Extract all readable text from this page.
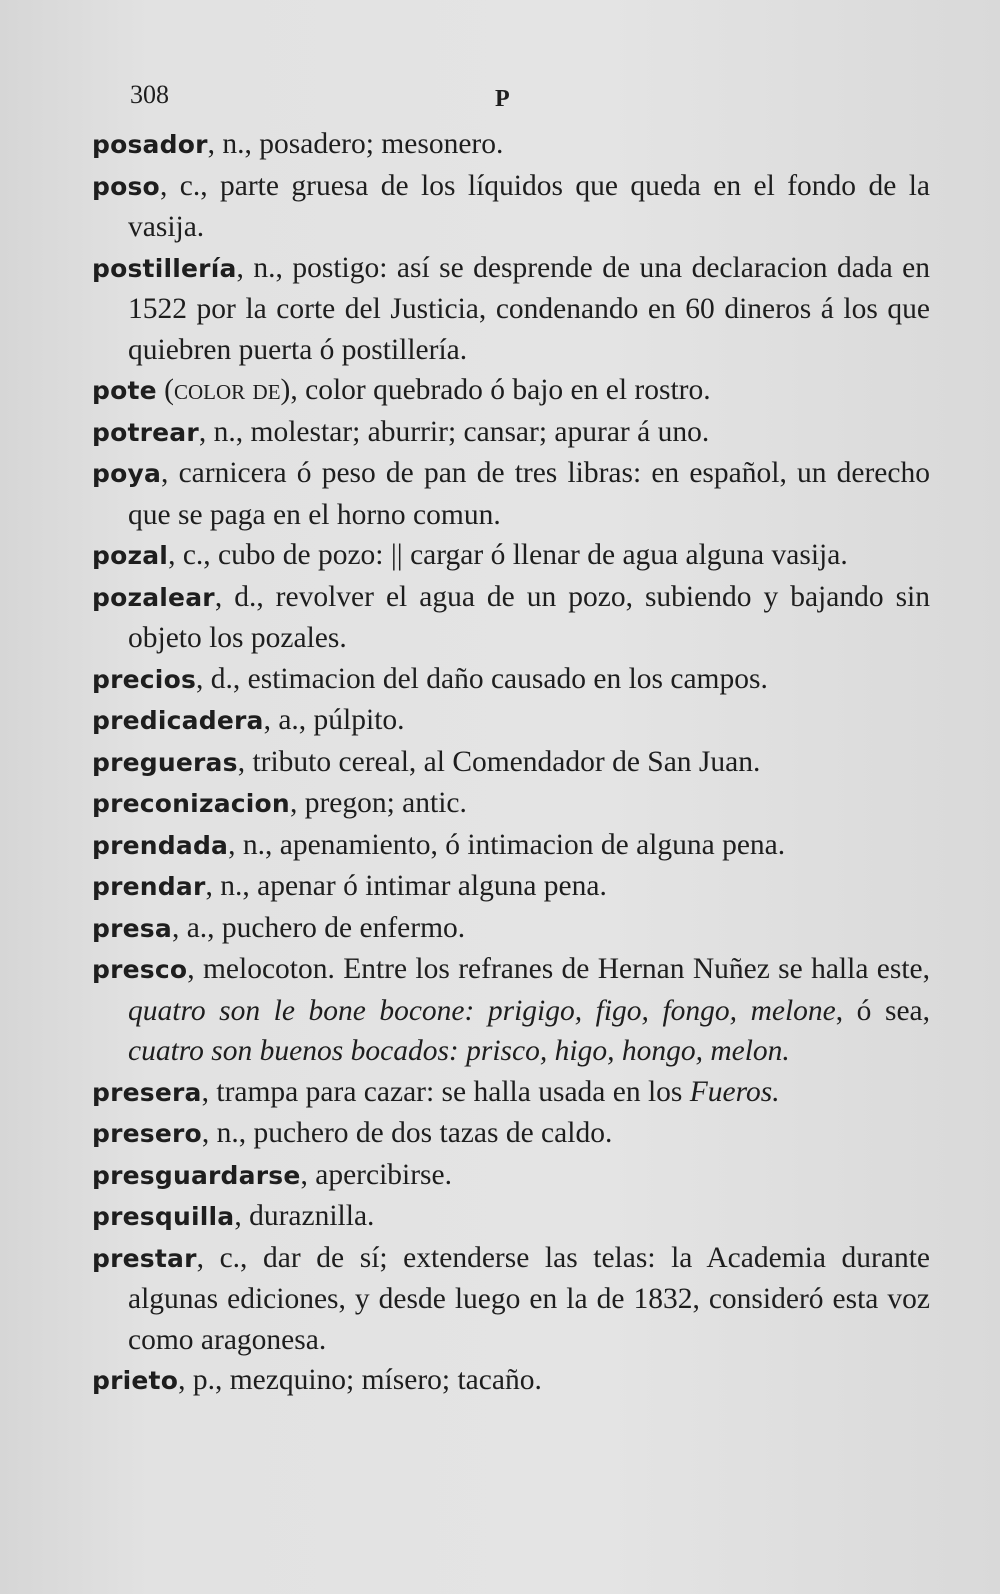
308	P

posador, n., posadero; mesonero.

poso, c., parte gruesa de los líquidos que queda en el fondo de la vasija.

postillería, n., postigo: así se desprende de una declaracion dada en 1522 por la corte del Justicia, condenando en 60 dineros á los que quiebren puerta ó postillería.

pote (color de), color quebrado ó bajo en el rostro.

potrear, n., molestar; aburrir; cansar; apurar á uno.

poya, carnicera ó peso de pan de tres libras: en español, un derecho que se paga en el horno comun.

pozal, c., cubo de pozo: || cargar ó llenar de agua alguna vasija.

pozalear, d., revolver el agua de un pozo, subiendo y bajando sin objeto los pozales.

precios, d., estimacion del daño causado en los campos.

predicadera, a., púlpito.

pregueras, tributo cereal, al Comendador de San Juan.

preconizacion, pregon; antic.

prendada, n., apenamiento, ó intimacion de alguna pena.

prendar, n., apenar ó intimar alguna pena.

presa, a., puchero de enfermo.

presco, melocoton. Entre los refranes de Hernan Nuñez se halla este, quatro son le bone bocone: prigigo, figo, fongo, melone, ó sea, cuatro son buenos bocados: prisco, higo, hongo, melon.

presera, trampa para cazar: se halla usada en los Fueros.

presero, n., puchero de dos tazas de caldo.

presguardarse, apercibirse.

presquilla, duraznilla.

prestar, c., dar de sí; extenderse las telas: la Academia durante algunas ediciones, y desde luego en la de 1832, consideró esta voz como aragonesa.

prieto, p., mezquino; mísero; tacaño.
